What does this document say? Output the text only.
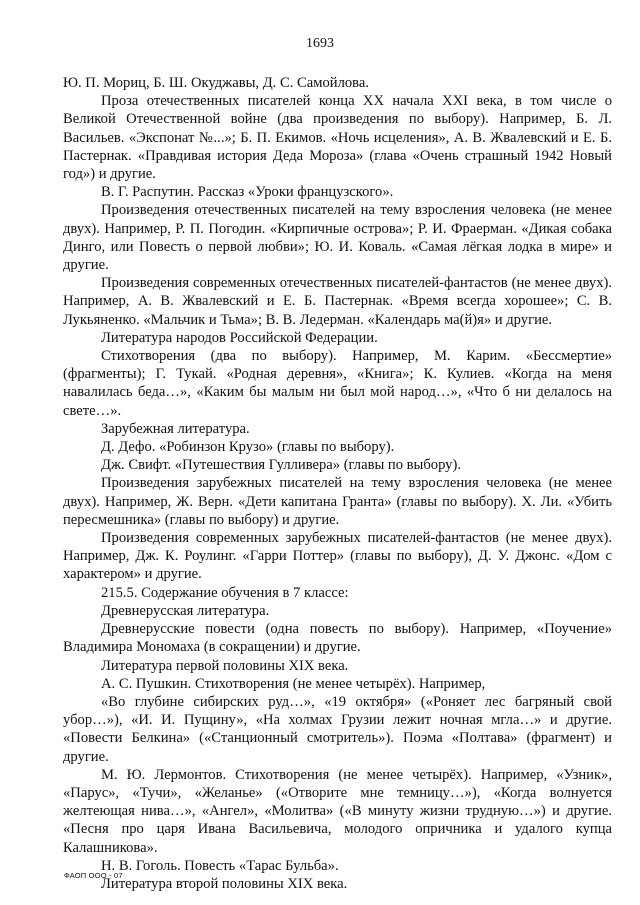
1693

Ю. П. Мориц, Б. Ш. Окуджавы, Д. С. Самойлова.

Проза отечественных писателей конца XX начала XXI века, в том числе о Великой Отечественной войне (два произведения по выбору). Например, Б. Л. Васильев. «Экспонат №...»; Б. П. Екимов. «Ночь исцеления», А. В. Жвалевский и Е. Б. Пастернак. «Правдивая история Деда Мороза» (глава «Очень страшный 1942 Новый год») и другие.

В. Г. Распутин. Рассказ «Уроки французского».

Произведения отечественных писателей на тему взросления человека (не менее двух). Например, Р. П. Погодин. «Кирпичные острова»; Р. И. Фраерман. «Дикая собака Динго, или Повесть о первой любви»; Ю. И. Коваль. «Самая лёгкая лодка в мире» и другие.

Произведения современных отечественных писателей-фантастов (не менее двух). Например, А. В. Жвалевский и Е. Б. Пастернак. «Время всегда хорошее»; С. В. Лукьяненко. «Мальчик и Тьма»; В. В. Ледерман. «Календарь ма(й)я» и другие.

Литература народов Российской Федерации.

Стихотворения (два по выбору). Например, М. Карим. «Бессмертие» (фрагменты); Г. Тукай. «Родная деревня», «Книга»; К. Кулиев. «Когда на меня навалилась беда…», «Каким бы малым ни был мой народ…», «Что б ни делалось на свете…».

Зарубежная литература.

Д. Дефо. «Робинзон Крузо» (главы по выбору).

Дж. Свифт. «Путешествия Гулливера» (главы по выбору).

Произведения зарубежных писателей на тему взросления человека (не менее двух). Например, Ж. Верн. «Дети капитана Гранта» (главы по выбору). Х. Ли. «Убить пересмешника» (главы по выбору) и другие.

Произведения современных зарубежных писателей-фантастов (не менее двух). Например, Дж. К. Роулинг. «Гарри Поттер» (главы по выбору), Д. У. Джонс. «Дом с характером» и другие.

215.5. Содержание обучения в 7 классе:

Древнерусская литература.

Древнерусские повести (одна повесть по выбору). Например, «Поучение» Владимира Мономаха (в сокращении) и другие.

Литература первой половины XIX века.

А. С. Пушкин. Стихотворения (не менее четырёх). Например,

«Во глубине сибирских руд…», «19 октября» («Роняет лес багряный свой убор…»), «И. И. Пущину», «На холмах Грузии лежит ночная мгла…» и другие. «Повести Белкина» («Станционный смотритель»). Поэма «Полтава» (фрагмент) и другие.

М. Ю. Лермонтов. Стихотворения (не менее четырёх). Например, «Узник», «Парус», «Тучи», «Желанье» («Отворите мне темницу…»), «Когда волнуется желтеющая нива…», «Ангел», «Молитва» («В минуту жизни трудную…») и другие. «Песня про царя Ивана Васильевича, молодого опричника и удалого купца Калашникова».

Н. В. Гоголь. Повесть «Тарас Бульба».

Литература второй половины XIX века.

ФАОП ООО - 07
